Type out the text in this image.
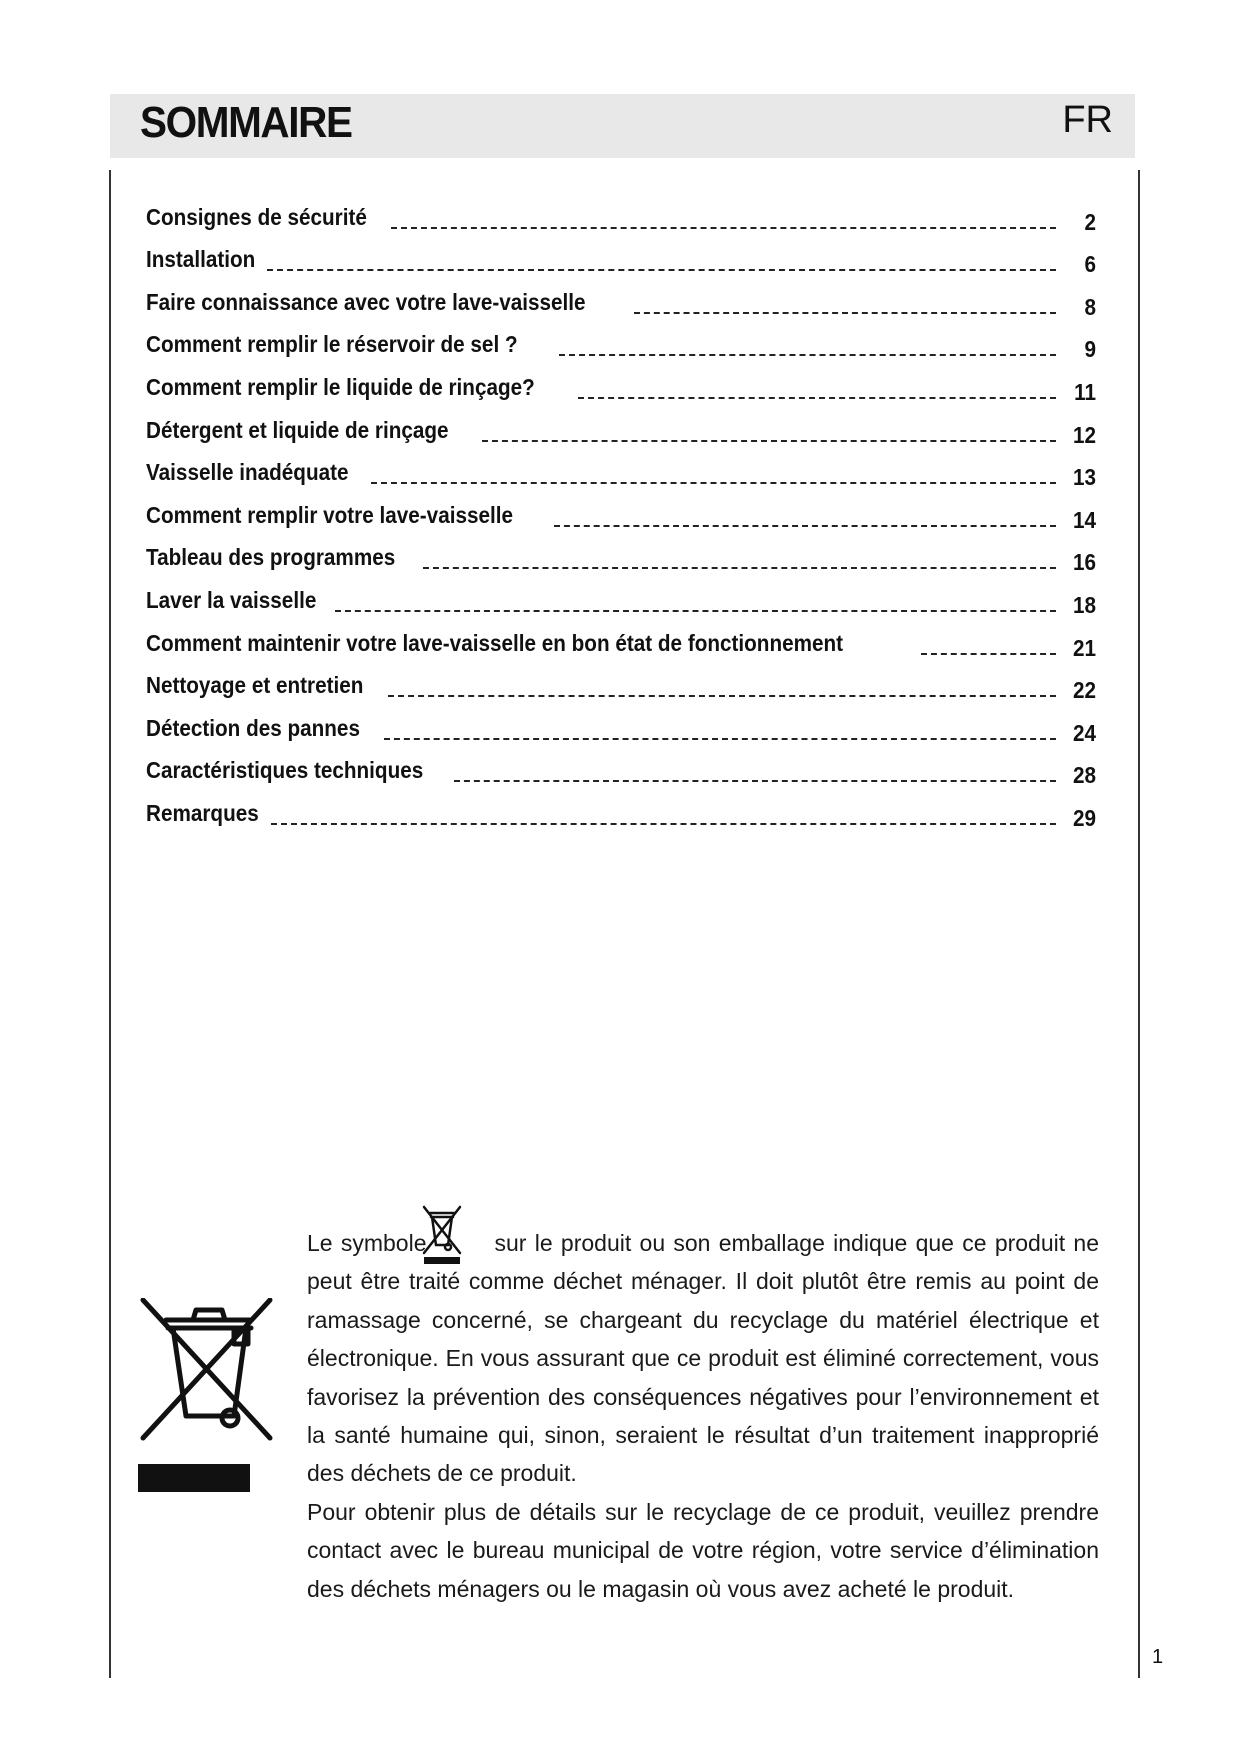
SOMMAIRE	FR
Consignes de sécurité	2
Installation	6
Faire connaissance avec votre lave-vaisselle	8
Comment remplir le réservoir de sel ?	9
Comment remplir le liquide de rinçage?	11
Détergent et liquide de rinçage	12
Vaisselle inadéquate	13
Comment remplir votre lave-vaisselle	14
Tableau des programmes	16
Laver la vaisselle	18
Comment maintenir votre lave-vaisselle en bon état de fonctionnement	21
Nettoyage et entretien	22
Détection des pannes	24
Caractéristiques techniques	28
Remarques	29

Le symbole	sur le produit ou son emballage indique que ce produit ne peut être traité comme déchet ménager. Il doit plutôt être remis au point de ramassage concerné, se chargeant du recyclage du matériel électrique et électronique. En vous assurant que ce produit est éliminé correctement, vous favorisez la prévention des conséquences négatives pour l’environnement et la santé humaine qui, sinon, seraient le résultat d’un traitement inapproprié des déchets de ce produit.

Pour obtenir plus de détails sur le recyclage de ce produit, veuillez prendre contact avec le bureau municipal de votre région, votre service d’élimination des déchets ménagers ou le magasin où vous avez acheté le produit.

1
